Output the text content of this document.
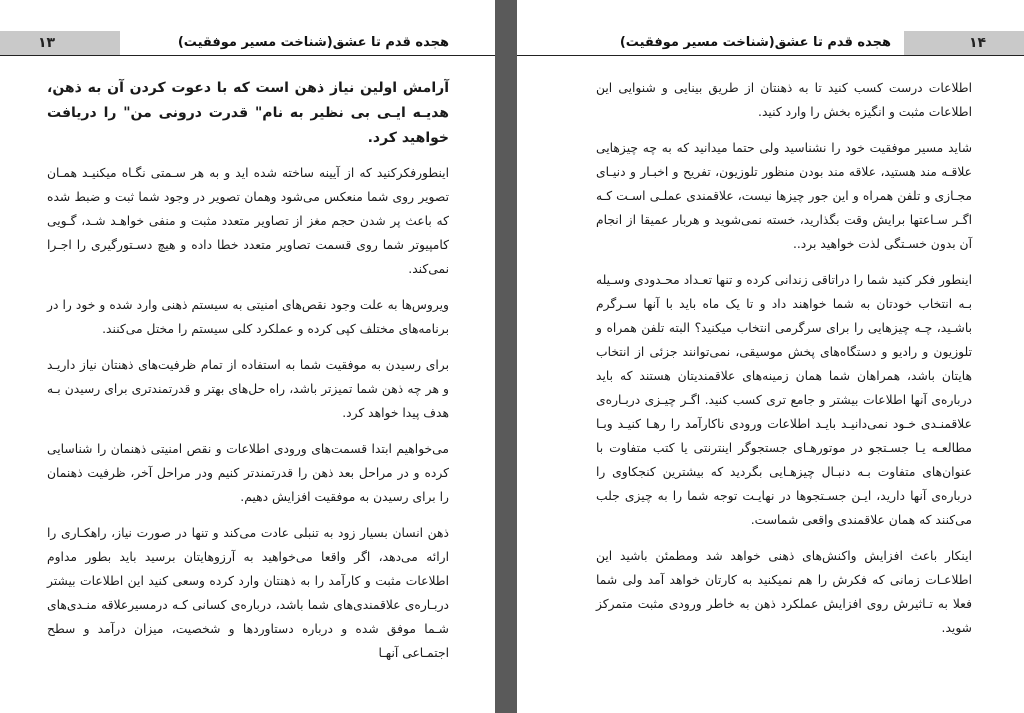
۱۳	هجده قدم تا عشق(شناخت مسیر موفقیت)

آرامش اولین نیاز ذهن است که با دعوت کردن آن به ذهن، هدیـه ایـی بی نظیر به نام" قدرت درونی من" را دریافت خواهید کرد.

اینطورفکرکنید که از آیینه ساخته شده اید و به هر سـمتی نگـاه میکنیـد همـان تصویر روی شما منعکس می‌شود وهمان تصویر در وجود شما ثبت و ضبط شده که باعث پر شدن حجم مغز از تصاویر متعدد مثبت و منفی خواهـد شـد، گـویی کامپیوتر شما روی قسمت تصاویر متعدد خطا داده و هیچ دسـتورگیری را اجـرا نمی‌کند.

ویروس‌ها به علت وجود نقص‌های امنیتی به سیستم ذهنی وارد شده و خود را در برنامه‌های مختلف کپی کرده و عملکرد کلی سیستم را مختل می‌کنند.

برای رسیدن به موفقیت شما به استفاده از تمام ظرفیت‌های ذهنتان نیاز داریـد و هر چه ذهن شما تمیزتر باشد، راه حل‌های بهتر و قدرتمندتری برای رسیدن بـه هدف پیدا خواهد کرد.

می‌خواهیم ابتدا قسمت‌های ورودی اطلاعات و نقص امنیتی ذهنمان را شناسایی کرده و در مراحل بعد ذهن را قدرتمندتر کنیم ودر مراحل آخر، ظرفیت ذهنمان را برای رسیدن به موفقیت افزایش دهیم.

ذهن انسان بسیار زود به تنبلی عادت می‌کند و تنها در صورت نیاز، راهکـاری را ارائه می‌دهد، اگر واقعا می‌خواهید به آرزوهایتان برسید باید بطور مداوم اطلاعات مثبت و کارآمد را به ذهنتان وارد کرده وسعی کنید این اطلاعات بیشتر دربـاره‌ی علاقمندی‌های شما باشد، درباره‌ی کسانی کـه درمسیرعلاقه منـدی‌های شـما موفق شده و درباره دستاوردها و شخصیت، میزان درآمد و سطح اجتمـاعی آنهـا

۱۴
هجده قدم تا عشق(شناخت مسیر موفقیت)

اطلاعات درست کسب کنید تا به ذهنتان از طریق بینایی و شنوایی این اطلاعات مثبت و انگیزه بخش را وارد کنید.

شاید مسیر موفقیت خود را نشناسید ولی حتما میدانید که به چه چیزهایی علاقـه مند هستید، علاقه مند بودن منظور تلوزیون، تفریح و اخبـار و دنیـای مجـازی و تلفن همراه و این جور چیزها نیست، علاقمندی عملـی اسـت کـه اگـر سـاعتها برایش وقت بگذارید، خسته نمی‌شوید و هربار عمیقا از انجام آن بدون خسـتگی لذت خواهید برد..

اینطور فکر کنید شما را دراتاقی زندانی کرده و تنها تعـداد محـدودی وسـیله بـه انتخاب خودتان به شما خواهند داد و تا یک ماه باید با آنها سـرگرم باشـید، چـه چیزهایی را برای سرگرمی انتخاب میکنید؟ البته تلفن همراه و تلوزیون و رادیو و دستگاه‌های پخش موسیقی، نمی‌توانند جزئی از انتخاب هایتان باشد، همراهان شما همان زمینه‌های علاقمندیتان هستند که باید درباره‌ی آنها اطلاعات بیشتر و جامع تری کسب کنید. اگـر چیـزی دربـاره‌ی علاقمنـدی خـود نمی‌دانیـد بایـد اطلاعات ورودی ناکارآمد را رهـا کنیـد وبـا مطالعـه یـا جسـتجو در موتورهـای جستجوگر اینترنتی یا کتب متفاوت با عنوان‌های متفاوت بـه دنبـال چیزهـایی بگردید که بیشترین کنجکاوی را درباره‌ی آنها دارید، ایـن جسـتجوها در نهایـت توجه شما را به چیزی جلب می‌کنند که همان علاقمندی واقعی شماست.

اینکار باعث افزایش واکنش‌های ذهنی خواهد شد ومطمئن باشید این اطلاعـات زمانی که فکرش را هم نمیکنید به کارتان خواهد آمد ولی شما فعلا به تـاثیرش روی افزایش عملکرد ذهن به خاطر ورودی مثبت متمرکز شوید.
